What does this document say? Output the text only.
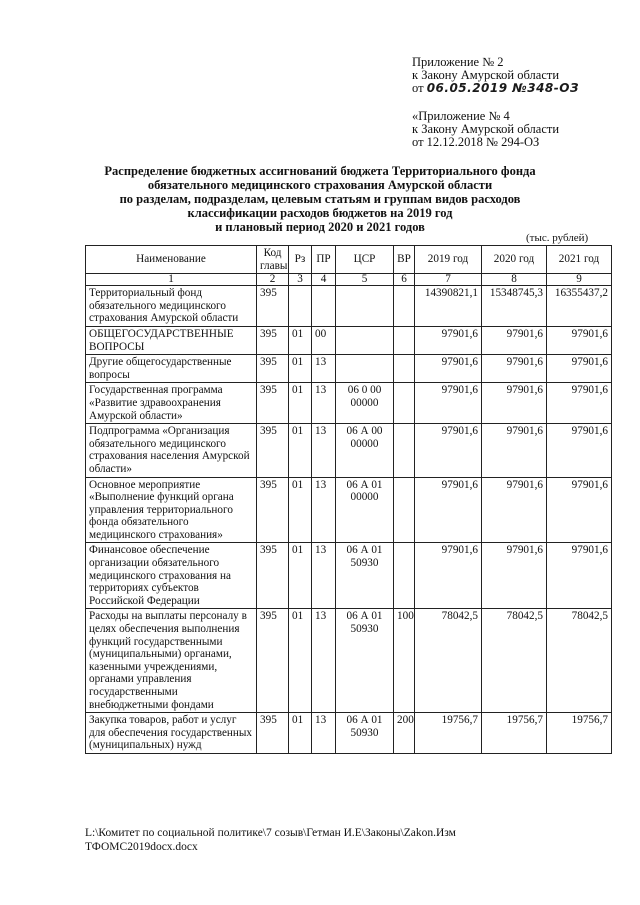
Приложение № 2
к Закону Амурской области
от 06.05.2019 №348-ОЗ
«Приложение № 4
к Закону Амурской области
от 12.12.2018 № 294-ОЗ
Распределение бюджетных ассигнований бюджета Территориального фонда
обязательного медицинского страхования Амурской области
по разделам, подразделам, целевым статьям и группам видов расходов
классификации расходов бюджетов на 2019 год
и плановый период 2020 и 2021 годов
(тыс. рублей)
Наименование	Код главы	Рз	ПР	ЦСР	ВР	2019 год	2020 год	2021 год
1	2	3	4	5	6	7	8	9
Территориальный фонд обязательного медицинского страхования Амурской области	395					14390821,1	15348745,3	16355437,2
ОБЩЕГОСУДАРСТВЕННЫЕ ВОПРОСЫ	395	01	00			97901,6	97901,6	97901,6
Другие общегосударственные вопросы	395	01	13			97901,6	97901,6	97901,6
Государственная программа «Развитие здравоохранения Амурской области»	395	01	13	06 0 00 00000		97901,6	97901,6	97901,6
Подпрограмма «Организация обязательного медицинского страхования населения Амурской области»	395	01	13	06 А 00 00000		97901,6	97901,6	97901,6
Основное мероприятие «Выполнение функций органа управления территориального фонда обязательного медицинского страхования»	395	01	13	06 А 01 00000		97901,6	97901,6	97901,6
Финансовое обеспечение организации обязательного медицинского страхования на территориях субъектов Российской Федерации	395	01	13	06 А 01 50930		97901,6	97901,6	97901,6
Расходы на выплаты персоналу в целях обеспечения выполнения функций государственными (муниципальными) органами, казенными учреждениями, органами управления государственными внебюджетными фондами	395	01	13	06 А 01 50930	100	78042,5	78042,5	78042,5
Закупка товаров, работ и услуг для обеспечения государственных (муниципальных) нужд	395	01	13	06 А 01 50930	200	19756,7	19756,7	19756,7
L:\Комитет по социальной политике\7 созыв\Гетман И.Е\Законы\Zakon.Изм
ТФОМС2019docx.docx
